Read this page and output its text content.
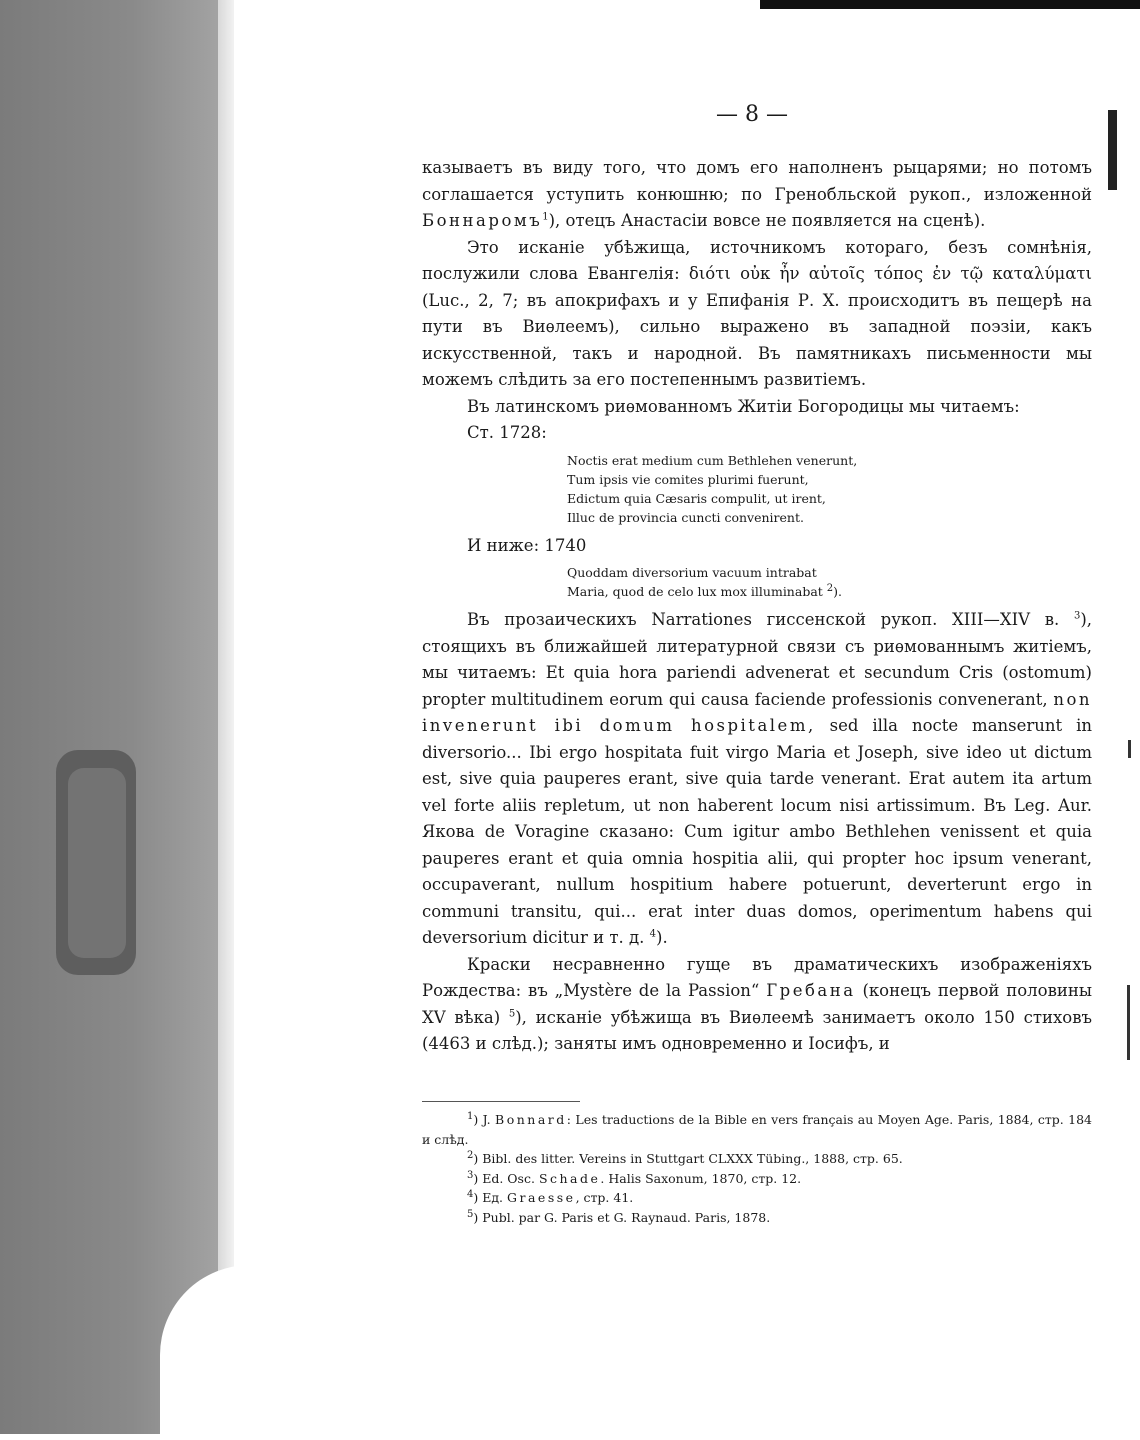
— 8 —

казываетъ въ виду того, что домъ его наполненъ рыцарями; но потомъ соглашается уступить конюшню; по Гренобльской рукоп., изложенной Боннаромъ$^1$), отецъ Анастасіи вовсе не появляется на сценѣ).

Это исканіе убѣжища, источникомъ котораго, безъ сомнѣнія, послужили слова Евангелія: διότι οὐκ ἦν αὐτοῖς τόπος ἐν τῷ καταλύματι (Luc., 2, 7; въ апокрифахъ и у Епифанія Р. Х. происходитъ въ пещерѣ на пути въ Виѳлеемъ), сильно выражено въ западной поэзіи, какъ искусственной, такъ и народной. Въ памятникахъ письменности мы можемъ слѣдить за его постепеннымъ развитіемъ.

Въ латинскомъ риѳмованномъ Житіи Богородицы мы читаемъ:

Ст. 1728:

Noctis erat medium cum Bethlehen venerunt,
Tum ipsis vie comites plurimi fuerunt,
Edictum quia Cæsaris compulit, ut irent,
Illuc de provincia cuncti convenirent.

И ниже: 1740

Quoddam diversorium vacuum intrabat
Maria, quod de celo lux mox illuminabat $^2$).

Въ прозаическихъ Narrationes гиссенской рукоп. XIII—XIV в. $^3$), стоящихъ въ ближайшей литературной связи съ риѳмованнымъ житіемъ, мы читаемъ: Et quia hora pariendi advenerat et secundum Cris (ostomum) propter multitudinem eorum qui causa faciende professionis convenerant, non invenerunt ibi domum hospitalem, sed illa nocte manserunt in diversorio... Ibi ergo hospitata fuit virgo Maria et Joseph, sive ideo ut dictum est, sive quia pauperes erant, sive quia tarde venerant. Erat autem ita artum vel forte aliis repletum, ut non haberent locum nisi artissimum. Въ Leg. Aur. Якова de Voragine сказано: Cum igitur ambo Bethlehen venissent et quia pauperes erant et quia omnia hospitia alii, qui propter hoc ipsum venerant, occupaverant, nullum hospitium habere potuerunt, deverterunt ergo in communi transitu, qui... erat inter duas domos, operimentum habens qui deversorium dicitur и т. д. $^4$).

Краски несравненно гуще въ драматическихъ изображеніяхъ Рождества: въ „Mystère de la Passion“ Гребана (конецъ первой половины XV вѣка) $^5$), исканіе убѣжища въ Виѳлеемѣ занимаетъ около 150 стиховъ (4463 и слѣд.); заняты имъ одновременно и Іосифъ, и

$^1$) J. Bonnard: Les traductions de la Bible en vers français au Moyen Age. Paris, 1884, стр. 184 и слѣд.

$^2$) Bibl. des litter. Vereins in Stuttgart CLXXX Tübing., 1888, стр. 65.

$^3$) Ed. Osc. Schade. Halis Saxonum, 1870, стр. 12.

$^4$) Ед. Graesse, стр. 41.

$^5$) Publ. par G. Paris et G. Raynaud. Paris, 1878.
